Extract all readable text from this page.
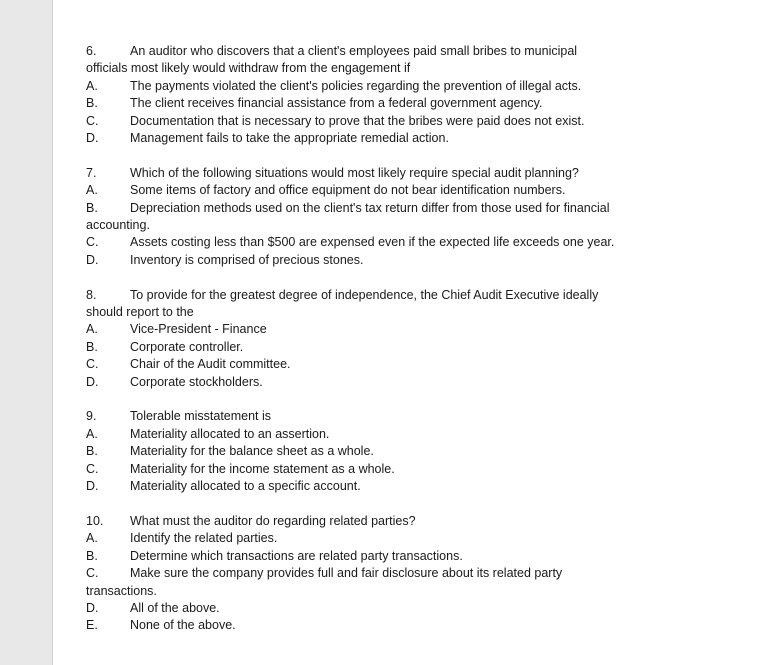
6.	An auditor who discovers that a client's employees paid small bribes to municipal
officials most likely would withdraw from the engagement if
A.	The payments violated the client's policies regarding the prevention of illegal acts.
B.	The client receives financial assistance from a federal government agency.
C.	Documentation that is necessary to prove that the bribes were paid does not exist.
D.	Management fails to take the appropriate remedial action.
7.	Which of the following situations would most likely require special audit planning?
A.	Some items of factory and office equipment do not bear identification numbers.
B.	Depreciation methods used on the client's tax return differ from those used for financial
accounting.
C.	Assets costing less than $500 are expensed even if the expected life exceeds one year.
D.	Inventory is comprised of precious stones.
8.	To provide for the greatest degree of independence, the Chief Audit Executive ideally
should report to the
A.	Vice-President - Finance
B.	Corporate controller.
C.	Chair of the Audit committee.
D.	Corporate stockholders.
9.	Tolerable misstatement is
A.	Materiality allocated to an assertion.
B.	Materiality for the balance sheet as a whole.
C.	Materiality for the income statement as a whole.
D.	Materiality allocated to a specific account.
10. What must the auditor do regarding related parties?
A.	Identify the related parties.
B.	Determine which transactions are related party transactions.
C.	Make sure the company provides full and fair disclosure about its related party
transactions.
D.	All of the above.
E.	None of the above.
